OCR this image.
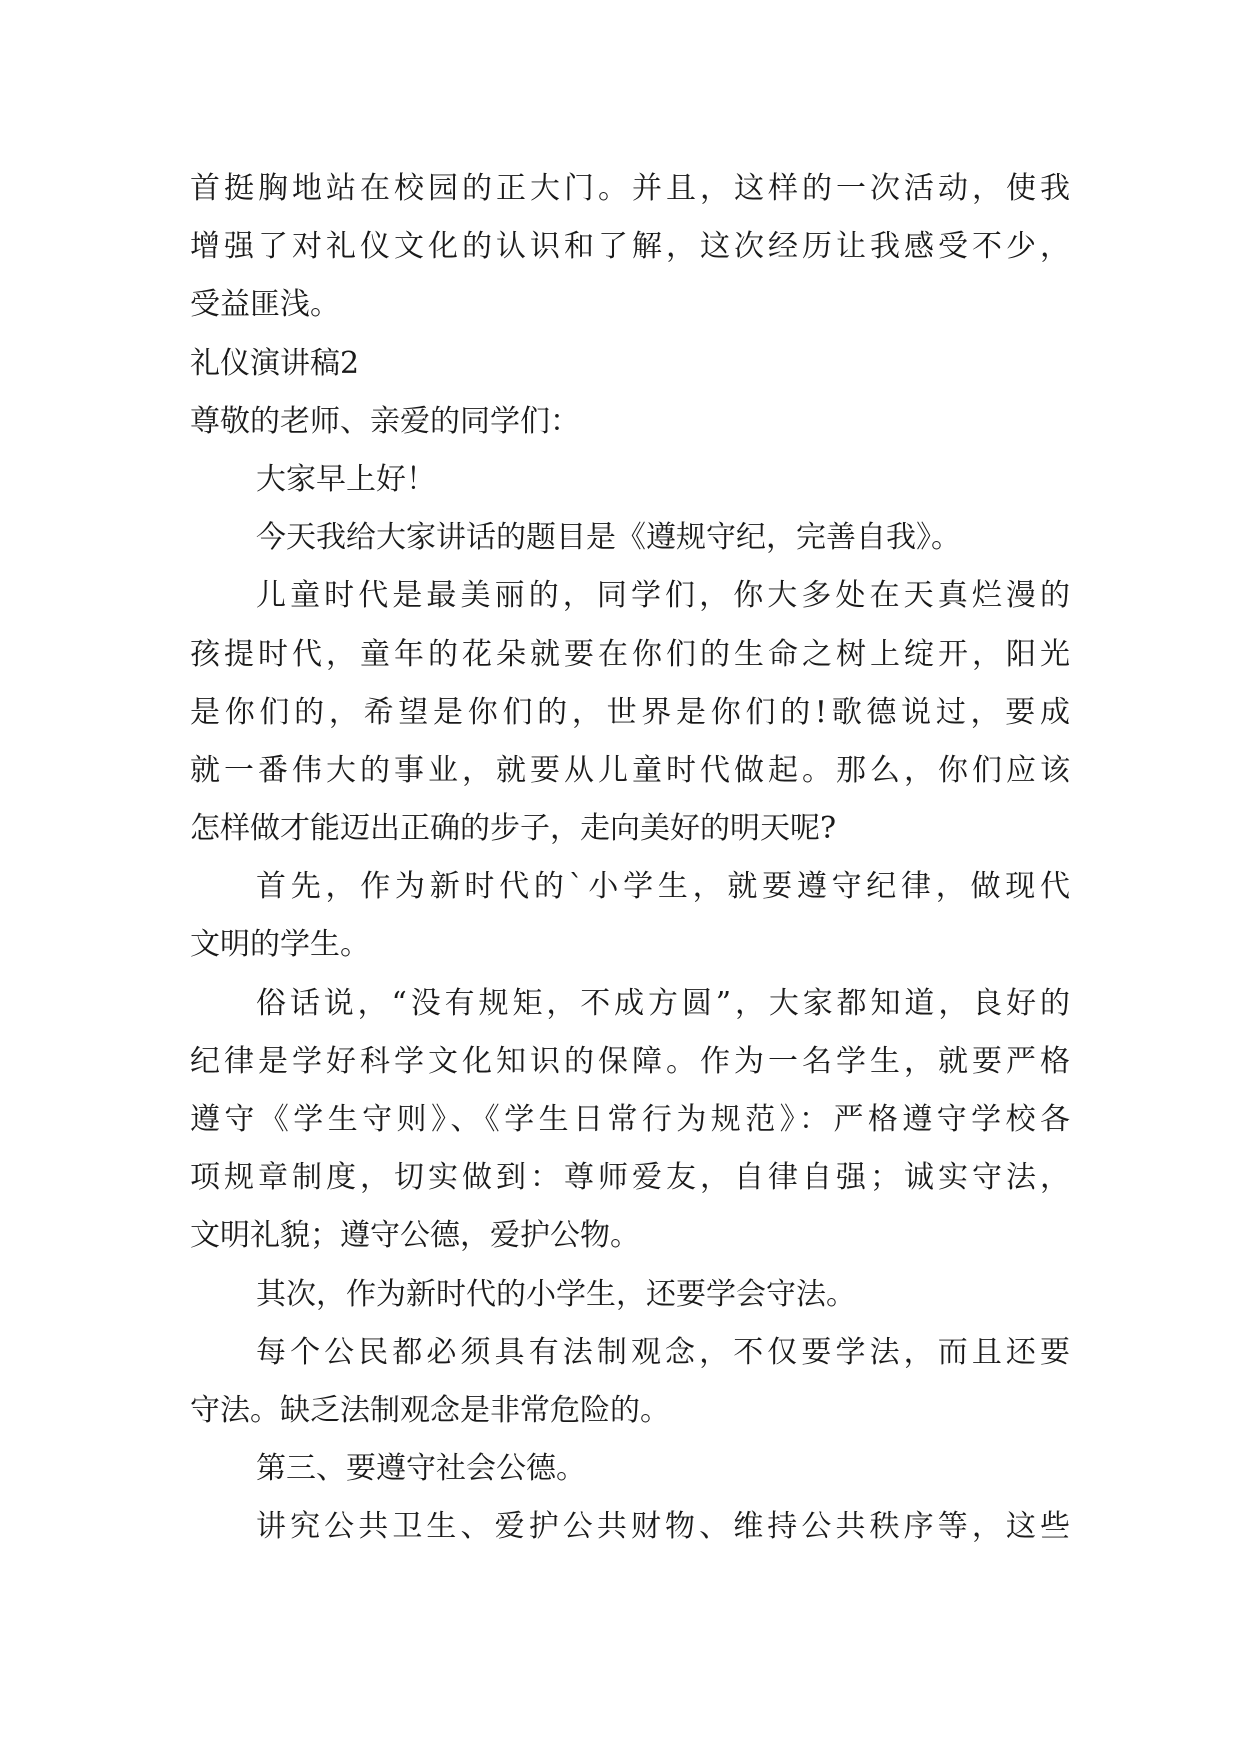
首挺胸地站在校园的正大门。并且，这样的一次活动，使我
增强了对礼仪文化的认识和了解，这次经历让我感受不少，
受益匪浅。
礼仪演讲稿2
尊敬的老师、亲爱的同学们：
大家早上好！
今天我给大家讲话的题目是《遵规守纪，完善自我》。
儿童时代是最美丽的，同学们，你大多处在天真烂漫的
孩提时代，童年的花朵就要在你们的生命之树上绽开，阳光
是你们的，希望是你们的，世界是你们的!歌德说过，要成
就一番伟大的事业，就要从儿童时代做起。那么，你们应该
怎样做才能迈出正确的步子，走向美好的明天呢?
首先，作为新时代的`小学生，就要遵守纪律，做现代
文明的学生。
俗话说，“没有规矩，不成方圆”，大家都知道，良好的
纪律是学好科学文化知识的保障。作为一名学生，就要严格
遵守《学生守则》、《学生日常行为规范》：严格遵守学校各
项规章制度，切实做到：尊师爱友，自律自强；诚实守法，
文明礼貌；遵守公德，爱护公物。
其次，作为新时代的小学生，还要学会守法。
每个公民都必须具有法制观念，不仅要学法，而且还要
守法。缺乏法制观念是非常危险的。
第三、要遵守社会公德。
讲究公共卫生、爱护公共财物、维持公共秩序等，这些
